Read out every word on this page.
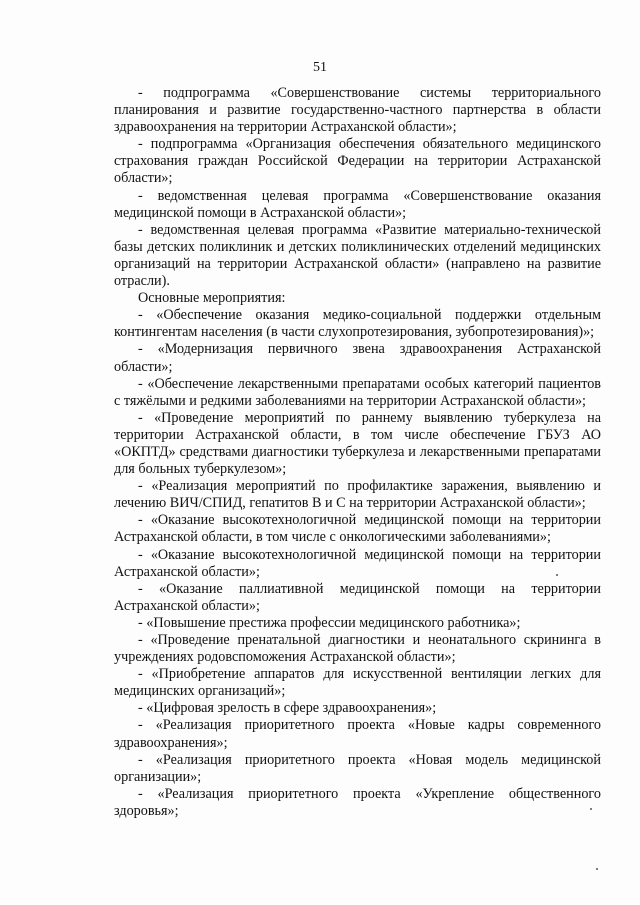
51

- подпрограмма «Совершенствование системы территориального планирования и развитие государственно-частного партнерства в области здравоохранения на территории Астраханской области»;

- подпрограмма «Организация обеспечения обязательного медицинского страхования граждан Российской Федерации на территории Астраханской области»;

- ведомственная целевая программа «Совершенствование оказания медицинской помощи в Астраханской области»;

- ведомственная целевая программа «Развитие материально-технической базы детских поликлиник и детских поликлинических отделений медицинских организаций на территории Астраханской области» (направлено на развитие отрасли).

Основные мероприятия:

- «Обеспечение оказания медико-социальной поддержки отдельным контингентам населения (в части слухопротезирования, зубопротезирования)»;

- «Модернизация первичного звена здравоохранения Астраханской области»;

- «Обеспечение лекарственными препаратами особых категорий пациентов с тяжёлыми и редкими заболеваниями на территории Астраханской области»;

- «Проведение мероприятий по раннему выявлению туберкулеза на территории Астраханской области, в том числе обеспечение ГБУЗ АО «ОКПТД» средствами диагностики туберкулеза и лекарственными препаратами для больных туберкулезом»;

- «Реализация мероприятий по профилактике заражения, выявлению и лечению ВИЧ/СПИД, гепатитов В и С на территории Астраханской области»;

- «Оказание высокотехнологичной медицинской помощи на территории Астраханской области, в том числе с онкологическими заболеваниями»;

- «Оказание высокотехнологичной медицинской помощи на территории Астраханской области»;

- «Оказание паллиативной медицинской помощи на территории Астраханской области»;

- «Повышение престижа профессии медицинского работника»;

- «Проведение пренатальной диагностики и неонатального скрининга в учреждениях родовспоможения Астраханской области»;

- «Приобретение аппаратов для искусственной вентиляции легких для медицинских организаций»;

- «Цифровая зрелость в сфере здравоохранения»;

- «Реализация приоритетного проекта «Новые кадры современного здравоохранения»;

- «Реализация приоритетного проекта «Новая модель медицинской организации»;

- «Реализация приоритетного проекта «Укрепление общественного здоровья»;
